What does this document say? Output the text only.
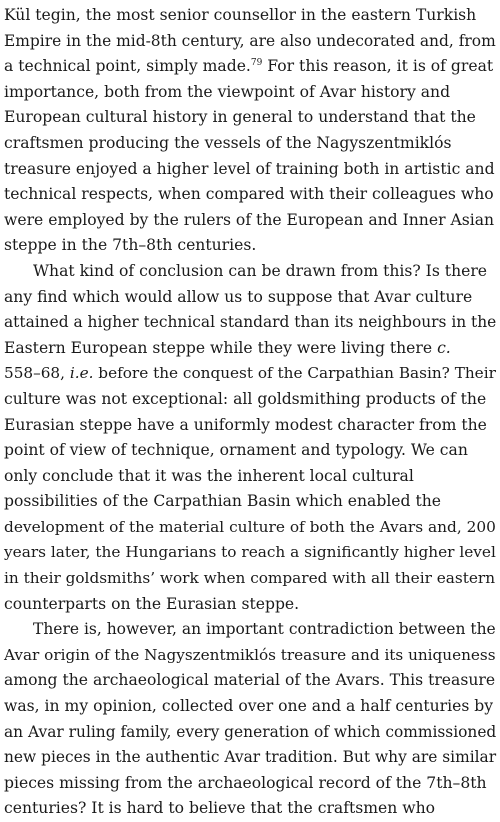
Kül tegin, the most senior counsellor in the eastern Turkish
Empire in the mid-8th century, are also undecorated and, from
a technical point, simply made.$^{79}$ For this reason, it is of great
importance, both from the viewpoint of Avar history and
European cultural history in general to understand that the
craftsmen producing the vessels of the Nagyszentmiklós
treasure enjoyed a higher level of training both in artistic and
technical respects, when compared with their colleagues who
were employed by the rulers of the European and Inner Asian
steppe in the 7th–8th centuries.

What kind of conclusion can be drawn from this? Is there
any find which would allow us to suppose that Avar culture
attained a higher technical standard than its neighbours in the
Eastern European steppe while they were living there c.
558–68, i.e. before the conquest of the Carpathian Basin? Their
culture was not exceptional: all goldsmithing products of the
Eurasian steppe have a uniformly modest character from the
point of view of technique, ornament and typology. We can
only conclude that it was the inherent local cultural
possibilities of the Carpathian Basin which enabled the
development of the material culture of both the Avars and, 200
years later, the Hungarians to reach a significantly higher level
in their goldsmiths’ work when compared with all their eastern
counterparts on the Eurasian steppe.

There is, however, an important contradiction between the
Avar origin of the Nagyszentmiklós treasure and its uniqueness
among the archaeological material of the Avars. This treasure
was, in my opinion, collected over one and a half centuries by
an Avar ruling family, every generation of which commissioned
new pieces in the authentic Avar tradition. But why are similar
pieces missing from the archaeological record of the 7th–8th
centuries? It is hard to believe that the craftsmen who
